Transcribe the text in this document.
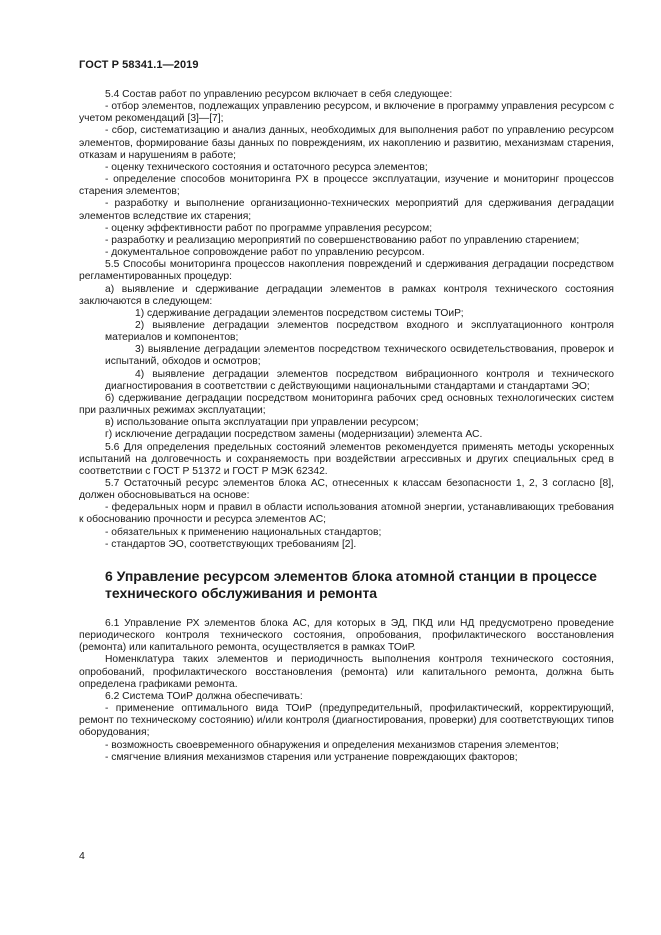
ГОСТ Р 58341.1—2019

5.4 Состав работ по управлению ресурсом включает в себя следующее:

- отбор элементов, подлежащих управлению ресурсом, и включение в программу управления ресурсом с учетом рекомендаций [3]—[7];

- сбор, систематизацию и анализ данных, необходимых для выполнения работ по управлению ресурсом элементов, формирование базы данных по повреждениям, их накоплению и развитию, механизмам старения, отказам и нарушениям в работе;

- оценку технического состояния и остаточного ресурса элементов;

- определение способов мониторинга РХ в процессе эксплуатации, изучение и мониторинг процессов старения элементов;

- разработку и выполнение организационно-технических мероприятий для сдерживания деградации элементов вследствие их старения;

- оценку эффективности работ по программе управления ресурсом;

- разработку и реализацию мероприятий по совершенствованию работ по управлению старением;

- документальное сопровождение работ по управлению ресурсом.

5.5 Способы мониторинга процессов накопления повреждений и сдерживания деградации посредством регламентированных процедур:

а) выявление и сдерживание деградации элементов в рамках контроля технического состояния заключаются в следующем:

1) сдерживание деградации элементов посредством системы ТОиР;

2) выявление деградации элементов посредством входного и эксплуатационного контроля материалов и компонентов;

3) выявление деградации элементов посредством технического освидетельствования, проверок и испытаний, обходов и осмотров;

4) выявление деградации элементов посредством вибрационного контроля и технического диагностирования в соответствии с действующими национальными стандартами и стандартами ЭО;

б) сдерживание деградации посредством мониторинга рабочих сред основных технологических систем при различных режимах эксплуатации;

в) использование опыта эксплуатации при управлении ресурсом;

г) исключение деградации посредством замены (модернизации) элемента АС.

5.6 Для определения предельных состояний элементов рекомендуется применять методы ускоренных испытаний на долговечность и сохраняемость при воздействии агрессивных и других специальных сред в соответствии с ГОСТ Р 51372 и ГОСТ Р МЭК 62342.

5.7 Остаточный ресурс элементов блока АС, отнесенных к классам безопасности 1, 2, 3 согласно [8], должен обосновываться на основе:

- федеральных норм и правил в области использования атомной энергии, устанавливающих требования к обоснованию прочности и ресурса элементов АС;

- обязательных к применению национальных стандартов;

- стандартов ЭО, соответствующих требованиям [2].

6 Управление ресурсом элементов блока атомной станции в процессе технического обслуживания и ремонта

6.1 Управление РХ элементов блока АС, для которых в ЭД, ПКД или НД предусмотрено проведение периодического контроля технического состояния, опробования, профилактического восстановления (ремонта) или капитального ремонта, осуществляется в рамках ТОиР.

Номенклатура таких элементов и периодичность выполнения контроля технического состояния, опробований, профилактического восстановления (ремонта) или капитального ремонта, должна быть определена графиками ремонта.

6.2 Система ТОиР должна обеспечивать:

- применение оптимального вида ТОиР (предупредительный, профилактический, корректирующий, ремонт по техническому состоянию) и/или контроля (диагностирования, проверки) для соответствующих типов оборудования;

- возможность своевременного обнаружения и определения механизмов старения элементов;

- смягчение влияния механизмов старения или устранение повреждающих факторов;

4
